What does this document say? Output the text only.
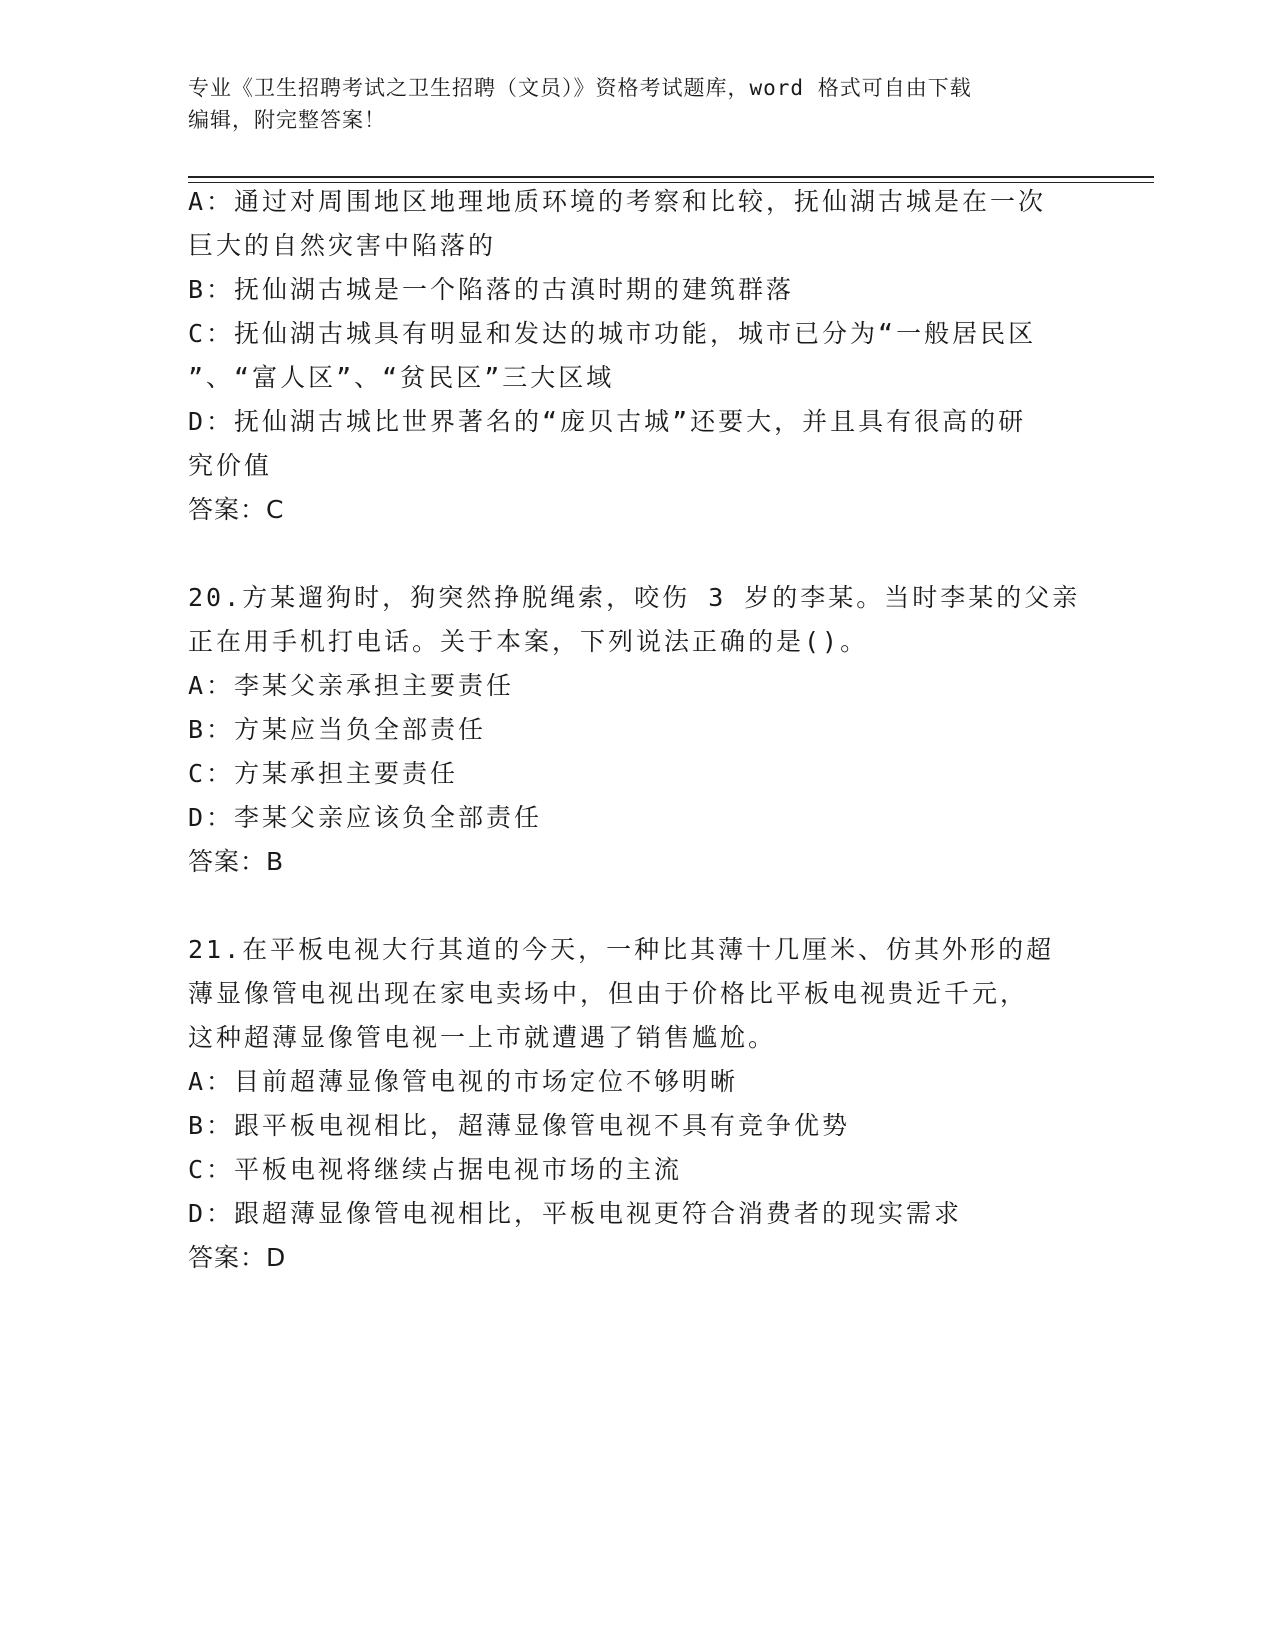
专业《卫生招聘考试之卫生招聘（文员）》资格考试题库，word 格式可自由下载
编辑，附完整答案！
A：通过对周围地区地理地质环境的考察和比较，抚仙湖古城是在一次
巨大的自然灾害中陷落的
B：抚仙湖古城是一个陷落的古滇时期的建筑群落
C：抚仙湖古城具有明显和发达的城市功能，城市已分为“一般居民区
”、“富人区”、“贫民区”三大区域
D：抚仙湖古城比世界著名的“庞贝古城”还要大，并且具有很高的研
究价值
答案：C
20.方某遛狗时，狗突然挣脱绳索，咬伤 3 岁的李某。当时李某的父亲
正在用手机打电话。关于本案，下列说法正确的是()。
A：李某父亲承担主要责任
B：方某应当负全部责任
C：方某承担主要责任
D：李某父亲应该负全部责任
答案：B
21.在平板电视大行其道的今天，一种比其薄十几厘米、仿其外形的超
薄显像管电视出现在家电卖场中，但由于价格比平板电视贵近千元，
这种超薄显像管电视一上市就遭遇了销售尴尬。
A：目前超薄显像管电视的市场定位不够明晰
B：跟平板电视相比，超薄显像管电视不具有竞争优势
C：平板电视将继续占据电视市场的主流
D：跟超薄显像管电视相比，平板电视更符合消费者的现实需求
答案：D
